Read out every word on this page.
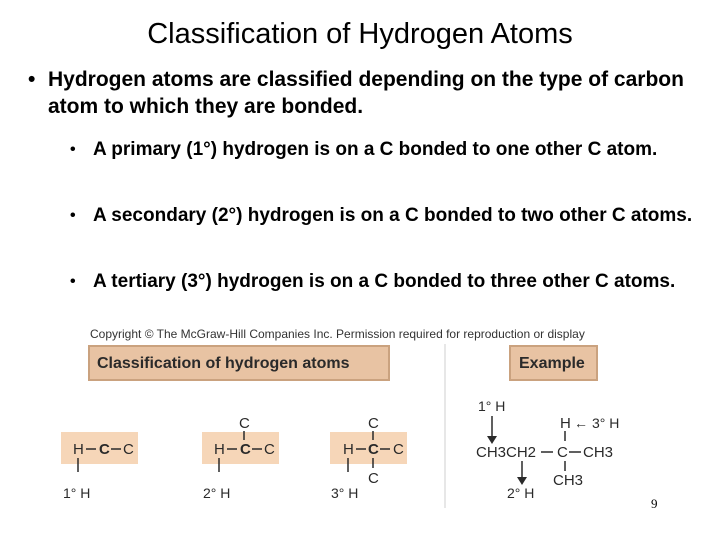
Classification of Hydrogen Atoms
• Hydrogen atoms are classified depending on the type of carbon atom to which they are bonded.
• A primary (1°) hydrogen is on a C bonded to one other C atom.
• A secondary (2°) hydrogen is on a C bonded to two other C atoms.
• A tertiary (3°) hydrogen is on a C bonded to three other C atoms.
Copyright © The McGraw-Hill Companies Inc. Permission required for reproduction or display
Classification of hydrogen atoms	Example
H C C
1° H
C
H C C
2° H
C
H C C
C
3° H
1° H
H ← 3° H
CH3CH2 C CH3
CH3
2° H
9
